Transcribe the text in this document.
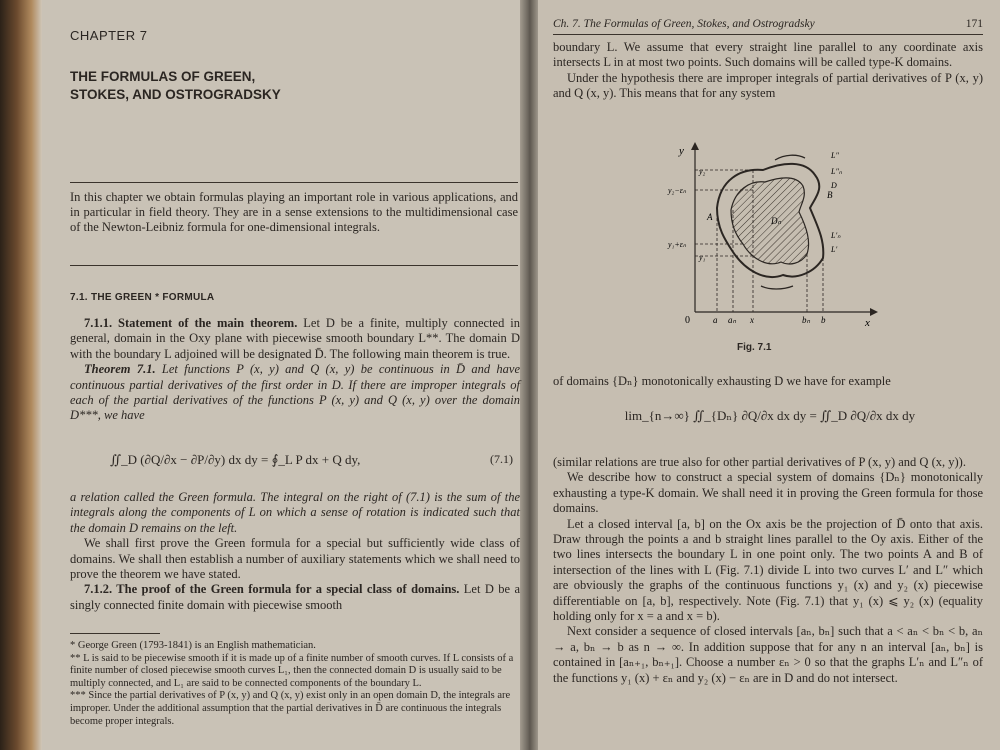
CHAPTER 7
THE FORMULAS OF GREEN,
STOKES, AND OSTROGRADSKY
In this chapter we obtain formulas playing an important role in various applications, and in particular in field theory. They are in a sense extensions to the multidimensional case of the Newton-Leibniz formula for one-dimensional integrals.
7.1. THE GREEN * FORMULA

7.1.1. Statement of the main theorem. Let D be a finite, multiply connected in general, domain in the Oxy plane with piecewise smooth boundary L**. The domain D with the boundary L adjoined will be designated D̄. The following main theorem is true.

Theorem 7.1. Let functions P (x, y) and Q (x, y) be continuous in D̄ and have continuous partial derivatives of the first order in D. If there are improper integrals of each of the partial derivatives of the functions P (x, y) and Q (x, y) over the domain D***, we have

∬_D (∂Q/∂x − ∂P/∂y) dx dy = ∮_L P dx + Q dy,	(7.1)

a relation called the Green formula. The integral on the right of (7.1) is the sum of the integrals along the components of L on which a sense of rotation is indicated such that the domain D remains on the left.

We shall first prove the Green formula for a special but sufficiently wide class of domains. We shall then establish a number of auxiliary statements which we shall need to prove the theorem we have stated.

7.1.2. The proof of the Green formula for a special class of domains. Let D be a singly connected finite domain with piecewise smooth

* George Green (1793-1841) is an English mathematician.

** L is said to be piecewise smooth if it is made up of a finite number of smooth curves. If L consists of a finite number of closed piecewise smooth curves L₁, then the connected domain D is usually said to be multiply connected, and L₁ are said to be connected components of the boundary L.

*** Since the partial derivatives of P (x, y) and Q (x, y) exist only in an open domain D, the integrals are improper. Under the additional assumption that the partial derivatives in D̄ are continuous the integrals become proper integrals.

Ch. 7. The Formulas of Green, Stokes, and Ostrogradsky	171

boundary L. We assume that every straight line parallel to any coordinate axis intersects L in at most two points. Such domains will be called type-K domains.

Under the hypothesis there are improper integrals of partial derivatives of P (x, y) and Q (x, y). This means that for any system

y
x
0
y₂
y₂−εₙ
y₁+εₙ
y₁
A
B
Dₙ
a aₙ x	bₙ b
L″
L″ₙ
D
L′ₙ
L′
Fig. 7.1
of domains {Dₙ} monotonically exhausting D we have for example
lim_{n→∞} ∬_{Dₙ} ∂Q/∂x dx dy = ∬_D ∂Q/∂x dx dy

(similar relations are true also for other partial derivatives of P (x, y) and Q (x, y)).

We describe how to construct a special system of domains {Dₙ} monotonically exhausting a type-K domain. We shall need it in proving the Green formula for those domains.

Let a closed interval [a, b] on the Ox axis be the projection of D̄ onto that axis. Draw through the points a and b straight lines parallel to the Oy axis. Either of the two lines intersects the boundary L in one point only. The two points A and B of intersection of the lines with L (Fig. 7.1) divide L into two curves L′ and L″ which are obviously the graphs of the continuous functions y₁ (x) and y₂ (x) piecewise differentiable on [a, b], respectively. Note (Fig. 7.1) that y₁ (x) ⩽ y₂ (x) (equality holding only for x = a and x = b).

Next consider a sequence of closed intervals [aₙ, bₙ] such that a < aₙ < bₙ < b, aₙ → a, bₙ → b as n → ∞. In addition suppose that for any n an interval [aₙ, bₙ] is contained in [aₙ₊₁, bₙ₊₁]. Choose a number εₙ > 0 so that the graphs L′ₙ and L″ₙ of the functions y₁ (x) + εₙ and y₂ (x) − εₙ are in D and do not intersect.
